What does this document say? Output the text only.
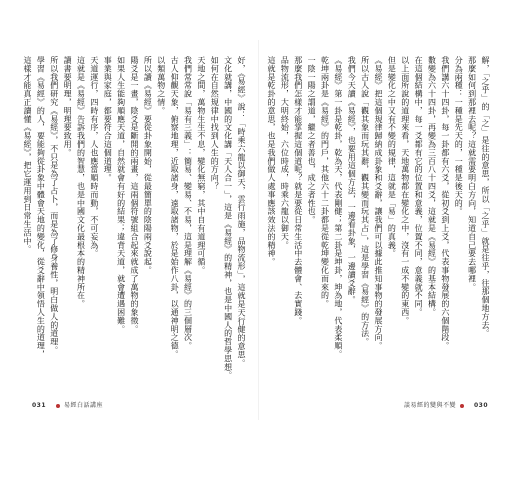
好，《易經》說：「時乘六龍以御天，雲行雨施，品物流形」，這就是天行健的意思。
文化就講，中國的文化講「天人合一」，這是《易經》的精神，也是中國人的哲學思想。
如何在自然規律中找到人生的方向？
天地之間，萬物生生不息，變化無窮，其中自有道理可循。
我們常常說「易有三義」：簡易、變易、不易，這是理解《易經》的三個層次。
古人仰觀天象，俯察地理，近取諸身，遠取諸物，於是始作八卦，以通神明之德。
以類萬物之情。
所以讀《易經》要從卦象開始，從最簡單的陰陽兩爻說起。
陽爻是一畫，陰爻是斷開的兩畫，這兩個符號組合起來就成了萬物的象徵。
如果人生能夠順應天道，自然就會有好的結果；違背天道，就會遭遇困難。
事業與家庭，都要符合這個道理。
天道運行，四時有序，人也應當順時而動，不可妄為。
這就是《易經》告訴我們的智慧，也是中國文化最根本的精神所在。
讀書要明理，明理要致用。
所以我們研究《易經》，不只是為了占卜，而是為了修身養性，明白做人的道理。
學習《易經》的人，要能夠從卦象中體會天地的變化，從爻辭中領悟人生的道理，
這樣才能真正讀懂《易經》，把它運用到日常生活中。	解，「之乎」的「之」是往的意思，所以「之乎」就是往乎，往那個地方去。
那麼如何到那裡去呢？這就需要明白方向，知道自己要去哪裡。
分為兩種：一種是先天的，一種是後天的。
我們講六十四卦，每一卦都有六爻，從初爻到上爻，代表事物發展的六個階段。
數變為六十四卦，再變為三百八十四爻，這就是《易經》的基本結構。
在這個結構中，每一爻都有它的位置和意義，位置不同，意義就不同。
以上面所說的道理來看，天地萬物都在變化之中，沒有一成不變的東西。
但是變化之中又有不變的規律，這就是「易」的真義。
《易經》把這個規律歸納成卦象和爻辭，讓我們可以據此推知事物的發展方向。
所以古人說「觀其象而玩其辭，觀其變而玩其占」，這是學習《易經》的方法。
我們今天讀《易經》，也要用這個方法，一邊看卦象，一邊讀爻辭。
《易經》第一卦是乾卦，乾為天，代表剛健；第二卦是坤卦，坤為地，代表柔順。
乾坤兩卦是《易經》的門戶，其他六十二卦都是從乾坤變化而來的。
一陰一陽之謂道，繼之者善也，成之者性也。
那麼我們怎樣才能掌握這個道呢？就是要從日常生活中去體會、去實踐。
品物流形，大明終始，六位時成，時乘六龍以御天。
這就是乾卦的意思，也是我們做人處事應該效法的精神。
031	易經白話講座	談易經的變與不變	030
